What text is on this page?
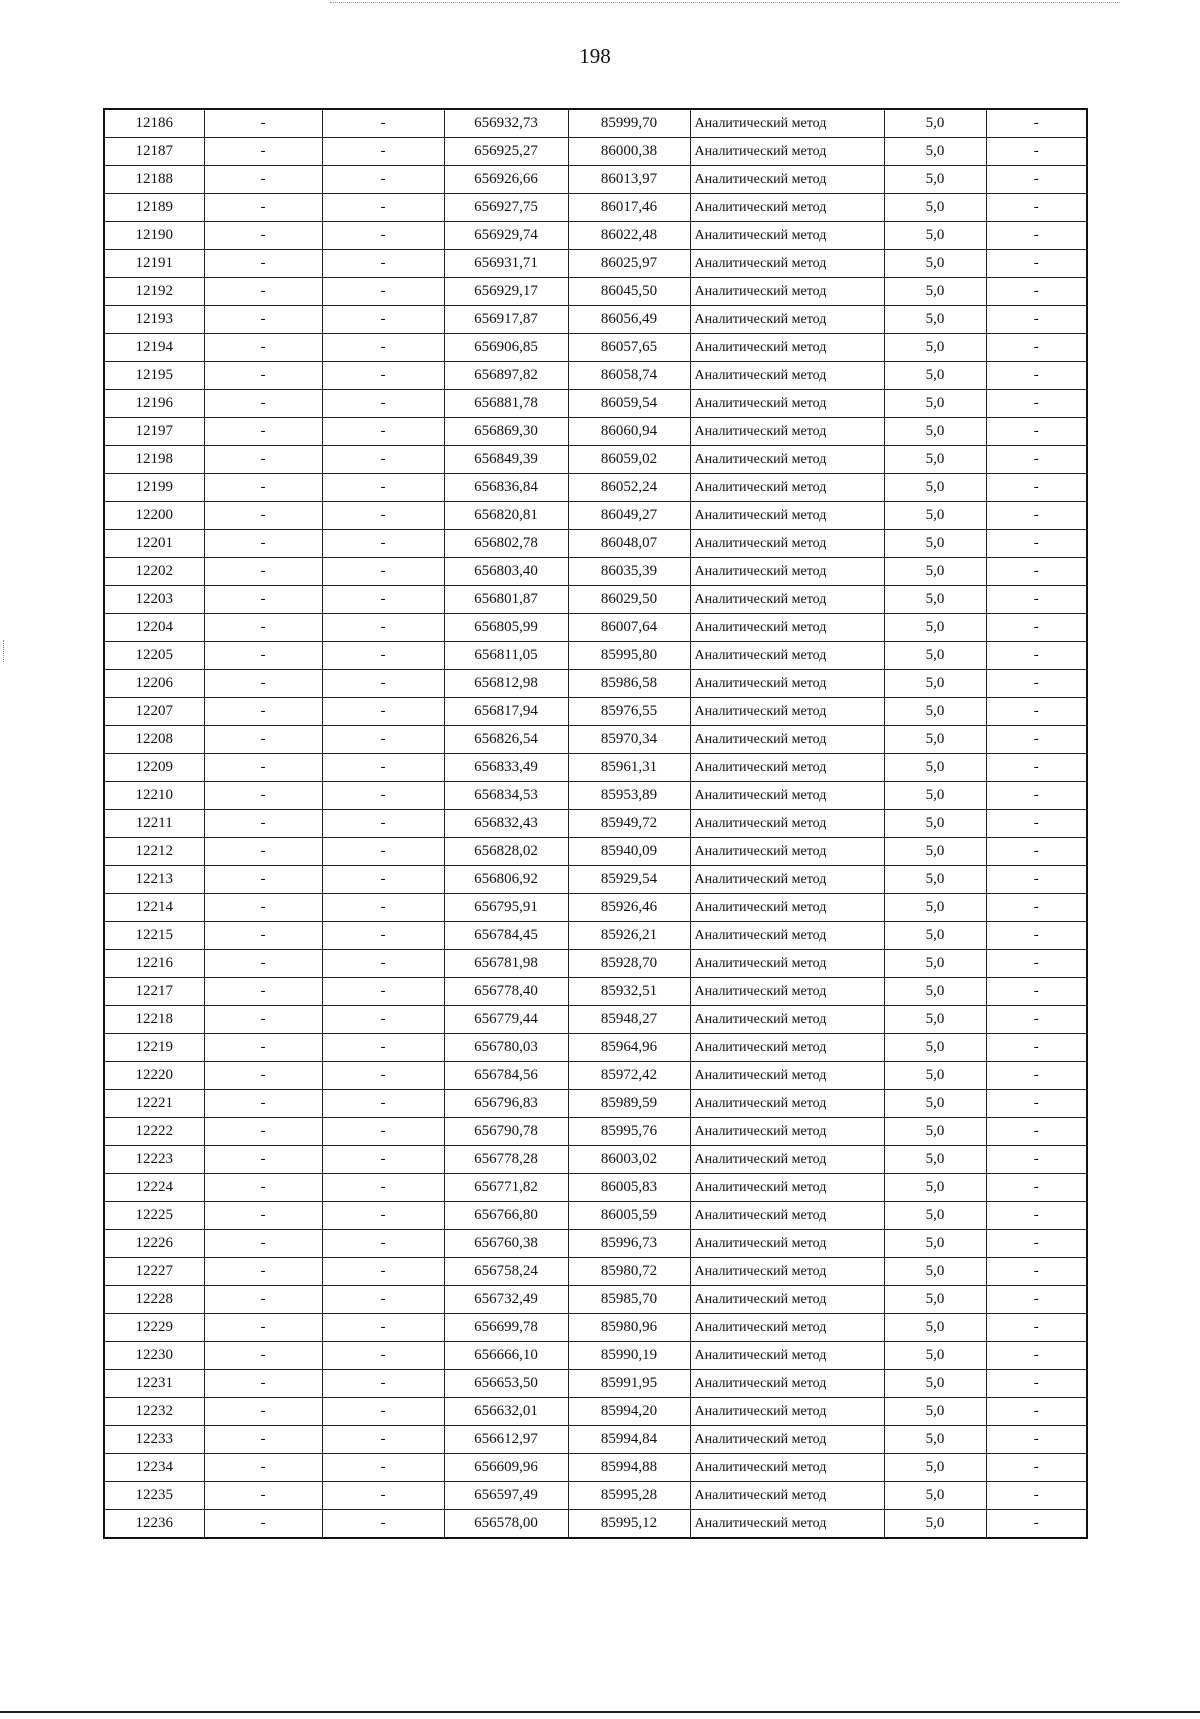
198
12186	-	-	656932,73	85999,70	Аналитический метод	5,0	-
12187	-	-	656925,27	86000,38	Аналитический метод	5,0	-
12188	-	-	656926,66	86013,97	Аналитический метод	5,0	-
12189	-	-	656927,75	86017,46	Аналитический метод	5,0	-
12190	-	-	656929,74	86022,48	Аналитический метод	5,0	-
12191	-	-	656931,71	86025,97	Аналитический метод	5,0	-
12192	-	-	656929,17	86045,50	Аналитический метод	5,0	-
12193	-	-	656917,87	86056,49	Аналитический метод	5,0	-
12194	-	-	656906,85	86057,65	Аналитический метод	5,0	-
12195	-	-	656897,82	86058,74	Аналитический метод	5,0	-
12196	-	-	656881,78	86059,54	Аналитический метод	5,0	-
12197	-	-	656869,30	86060,94	Аналитический метод	5,0	-
12198	-	-	656849,39	86059,02	Аналитический метод	5,0	-
12199	-	-	656836,84	86052,24	Аналитический метод	5,0	-
12200	-	-	656820,81	86049,27	Аналитический метод	5,0	-
12201	-	-	656802,78	86048,07	Аналитический метод	5,0	-
12202	-	-	656803,40	86035,39	Аналитический метод	5,0	-
12203	-	-	656801,87	86029,50	Аналитический метод	5,0	-
12204	-	-	656805,99	86007,64	Аналитический метод	5,0	-
12205	-	-	656811,05	85995,80	Аналитический метод	5,0	-
12206	-	-	656812,98	85986,58	Аналитический метод	5,0	-
12207	-	-	656817,94	85976,55	Аналитический метод	5,0	-
12208	-	-	656826,54	85970,34	Аналитический метод	5,0	-
12209	-	-	656833,49	85961,31	Аналитический метод	5,0	-
12210	-	-	656834,53	85953,89	Аналитический метод	5,0	-
12211	-	-	656832,43	85949,72	Аналитический метод	5,0	-
12212	-	-	656828,02	85940,09	Аналитический метод	5,0	-
12213	-	-	656806,92	85929,54	Аналитический метод	5,0	-
12214	-	-	656795,91	85926,46	Аналитический метод	5,0	-
12215	-	-	656784,45	85926,21	Аналитический метод	5,0	-
12216	-	-	656781,98	85928,70	Аналитический метод	5,0	-
12217	-	-	656778,40	85932,51	Аналитический метод	5,0	-
12218	-	-	656779,44	85948,27	Аналитический метод	5,0	-
12219	-	-	656780,03	85964,96	Аналитический метод	5,0	-
12220	-	-	656784,56	85972,42	Аналитический метод	5,0	-
12221	-	-	656796,83	85989,59	Аналитический метод	5,0	-
12222	-	-	656790,78	85995,76	Аналитический метод	5,0	-
12223	-	-	656778,28	86003,02	Аналитический метод	5,0	-
12224	-	-	656771,82	86005,83	Аналитический метод	5,0	-
12225	-	-	656766,80	86005,59	Аналитический метод	5,0	-
12226	-	-	656760,38	85996,73	Аналитический метод	5,0	-
12227	-	-	656758,24	85980,72	Аналитический метод	5,0	-
12228	-	-	656732,49	85985,70	Аналитический метод	5,0	-
12229	-	-	656699,78	85980,96	Аналитический метод	5,0	-
12230	-	-	656666,10	85990,19	Аналитический метод	5,0	-
12231	-	-	656653,50	85991,95	Аналитический метод	5,0	-
12232	-	-	656632,01	85994,20	Аналитический метод	5,0	-
12233	-	-	656612,97	85994,84	Аналитический метод	5,0	-
12234	-	-	656609,96	85994,88	Аналитический метод	5,0	-
12235	-	-	656597,49	85995,28	Аналитический метод	5,0	-
12236	-	-	656578,00	85995,12	Аналитический метод	5,0	-
